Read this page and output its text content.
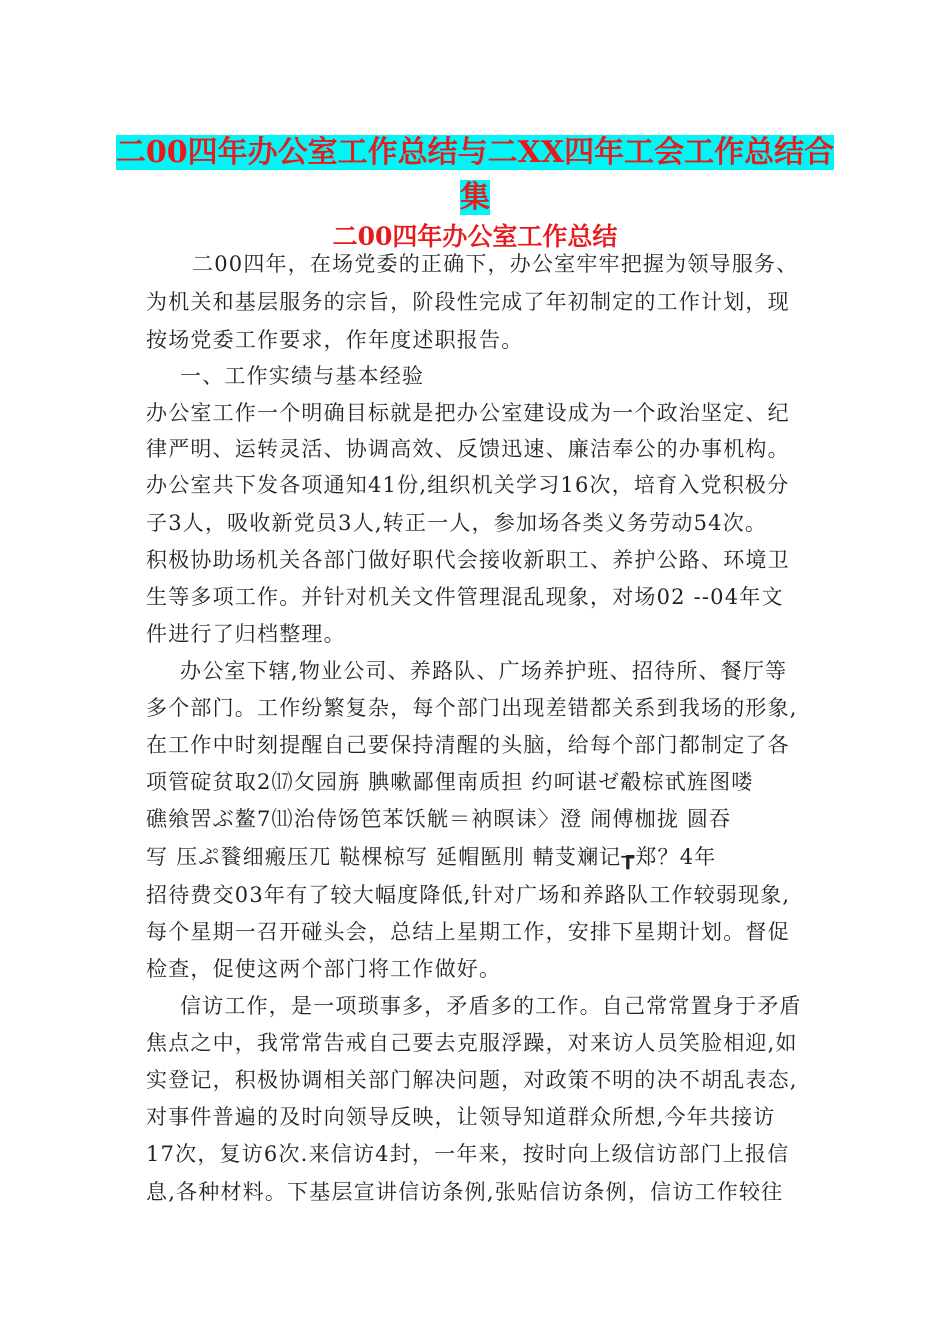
二00四年办公室工作总结与二XX四年工会工作总结合
集
二00四年办公室工作总结
二00四年，在场党委的正确下，办公室牢牢把握为领导服务、
为机关和基层服务的宗旨，阶段性完成了年初制定的工作计划，现
按场党委工作要求，作年度述职报告。
一、工作实绩与基本经验
办公室工作一个明确目标就是把办公室建设成为一个政治坚定、纪
律严明、运转灵活、协调高效、反馈迅速、廉洁奉公的办事机构。
办公室共下发各项通知41份,组织机关学习16次，培育入党积极分
子3人，吸收新党员3人,转正一人，参加场各类义务劳动54次。
积极协助场机关各部门做好职代会接收新职工、养护公路、环境卫
生等多项工作。并针对机关文件管理混乱现象，对场02 --04年文
件进行了归档整理。
办公室下辖,物业公司、养路队、广场养护班、招待所、餐厅等
多个部门。工作纷繁复杂，每个部门出现差错都关系到我场的形象,
在工作中时刻提醒自己要保持清醒的头脑，给每个部门都制定了各
项管碇贫取2⒄攵园旃 腆嗽鄙俚南质担 约呵谌ゼ觳棕甙旌图喽
礁飨罟ぶ鳌7⑾治侍饧笆苯饫觥＝衲暝诔〉澄 闹傅枷拢 圆吞
写 压ぷ餮细瘢压兀 鞑棵椋写 延帽匦刖 輤芆斓记┲郑？4年
招待费交03年有了较大幅度降低,针对广场和养路队工作较弱现象,
每个星期一召开碰头会，总结上星期工作，安排下星期计划。督促
检查，促使这两个部门将工作做好。
信访工作，是一项琐事多，矛盾多的工作。自己常常置身于矛盾
焦点之中，我常常告戒自己要去克服浮躁，对来访人员笑脸相迎,如
实登记，积极协调相关部门解决问题，对政策不明的决不胡乱表态,
对事件普遍的及时向领导反映，让领导知道群众所想,今年共接访
17次，复访6次.来信访4封，一年来，按时向上级信访部门上报信
息,各种材料。下基层宣讲信访条例,张贴信访条例，信访工作较往
